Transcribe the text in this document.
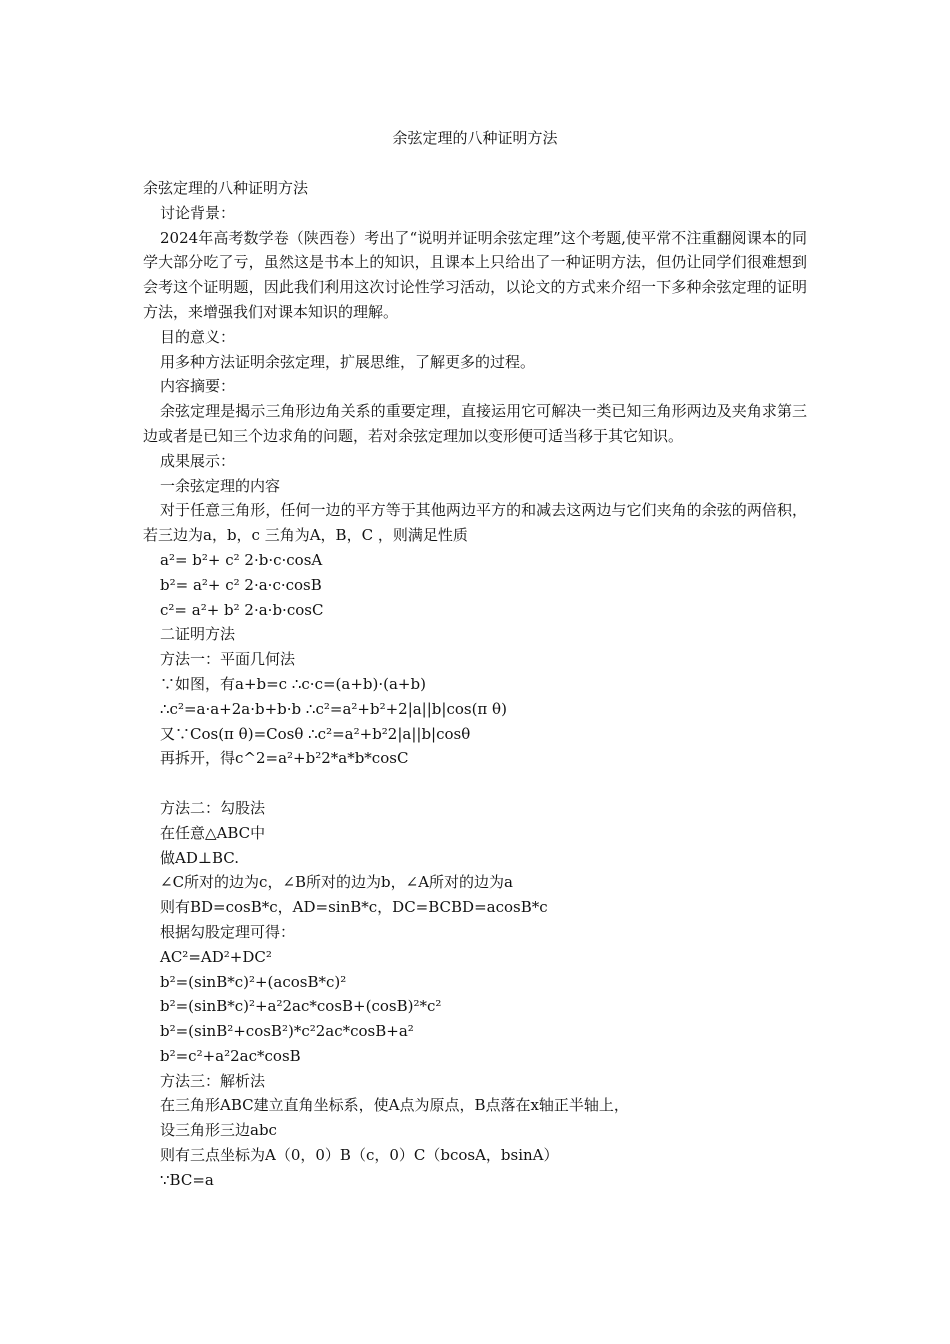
余弦定理的八种证明方法

余弦定理的八种证明方法

讨论背景：

2024年高考数学卷（陕西卷）考出了“说明并证明余弦定理”这个考题,使平常不注重翻阅课本的同学大部分吃了亏，虽然这是书本上的知识，且课本上只给出了一种证明方法，但仍让同学们很难想到会考这个证明题，因此我们利用这次讨论性学习活动，以论文的方式来介绍一下多种余弦定理的证明方法，来增强我们对课本知识的理解。

目的意义：

用多种方法证明余弦定理，扩展思维，了解更多的过程。

内容摘要：

余弦定理是揭示三角形边角关系的重要定理，直接运用它可解决一类已知三角形两边及夹角求第三边或者是已知三个边求角的问题，若对余弦定理加以变形便可适当移于其它知识。

成果展示：

一余弦定理的内容

对于任意三角形，任何一边的平方等于其他两边平方的和减去这两边与它们夹角的余弦的两倍积，若三边为a，b，c 三角为A，B，C ，则满足性质

a²= b²+ c² 2·b·c·cosA

b²= a²+ c² 2·a·c·cosB

c²= a²+ b² 2·a·b·cosC

二证明方法

方法一：平面几何法

∵如图，有a+b=c ∴c·c=(a+b)·(a+b)

∴c²=a·a+2a·b+b·b ∴c²=a²+b²+2|a||b|cos(π θ)

又∵Cos(π θ)=Cosθ ∴c²=a²+b²2|a||b|cosθ

再拆开，得c^2=a²+b²2*a*b*cosC

方法二：勾股法

在任意△ABC中

做AD⊥BC.

∠C所对的边为c，∠B所对的边为b，∠A所对的边为a

则有BD=cosB*c，AD=sinB*c，DC=BCBD=acosB*c

根据勾股定理可得：

AC²=AD²+DC²

b²=(sinB*c)²+(acosB*c)²

b²=(sinB*c)²+a²2ac*cosB+(cosB)²*c²

b²=(sinB²+cosB²)*c²2ac*cosB+a²

b²=c²+a²2ac*cosB

方法三：解析法

在三角形ABC建立直角坐标系，使A点为原点，B点落在x轴正半轴上，

设三角形三边abc

则有三点坐标为A（0，0）B（c，0）C（bcosA，bsinA）

∵BC=a
